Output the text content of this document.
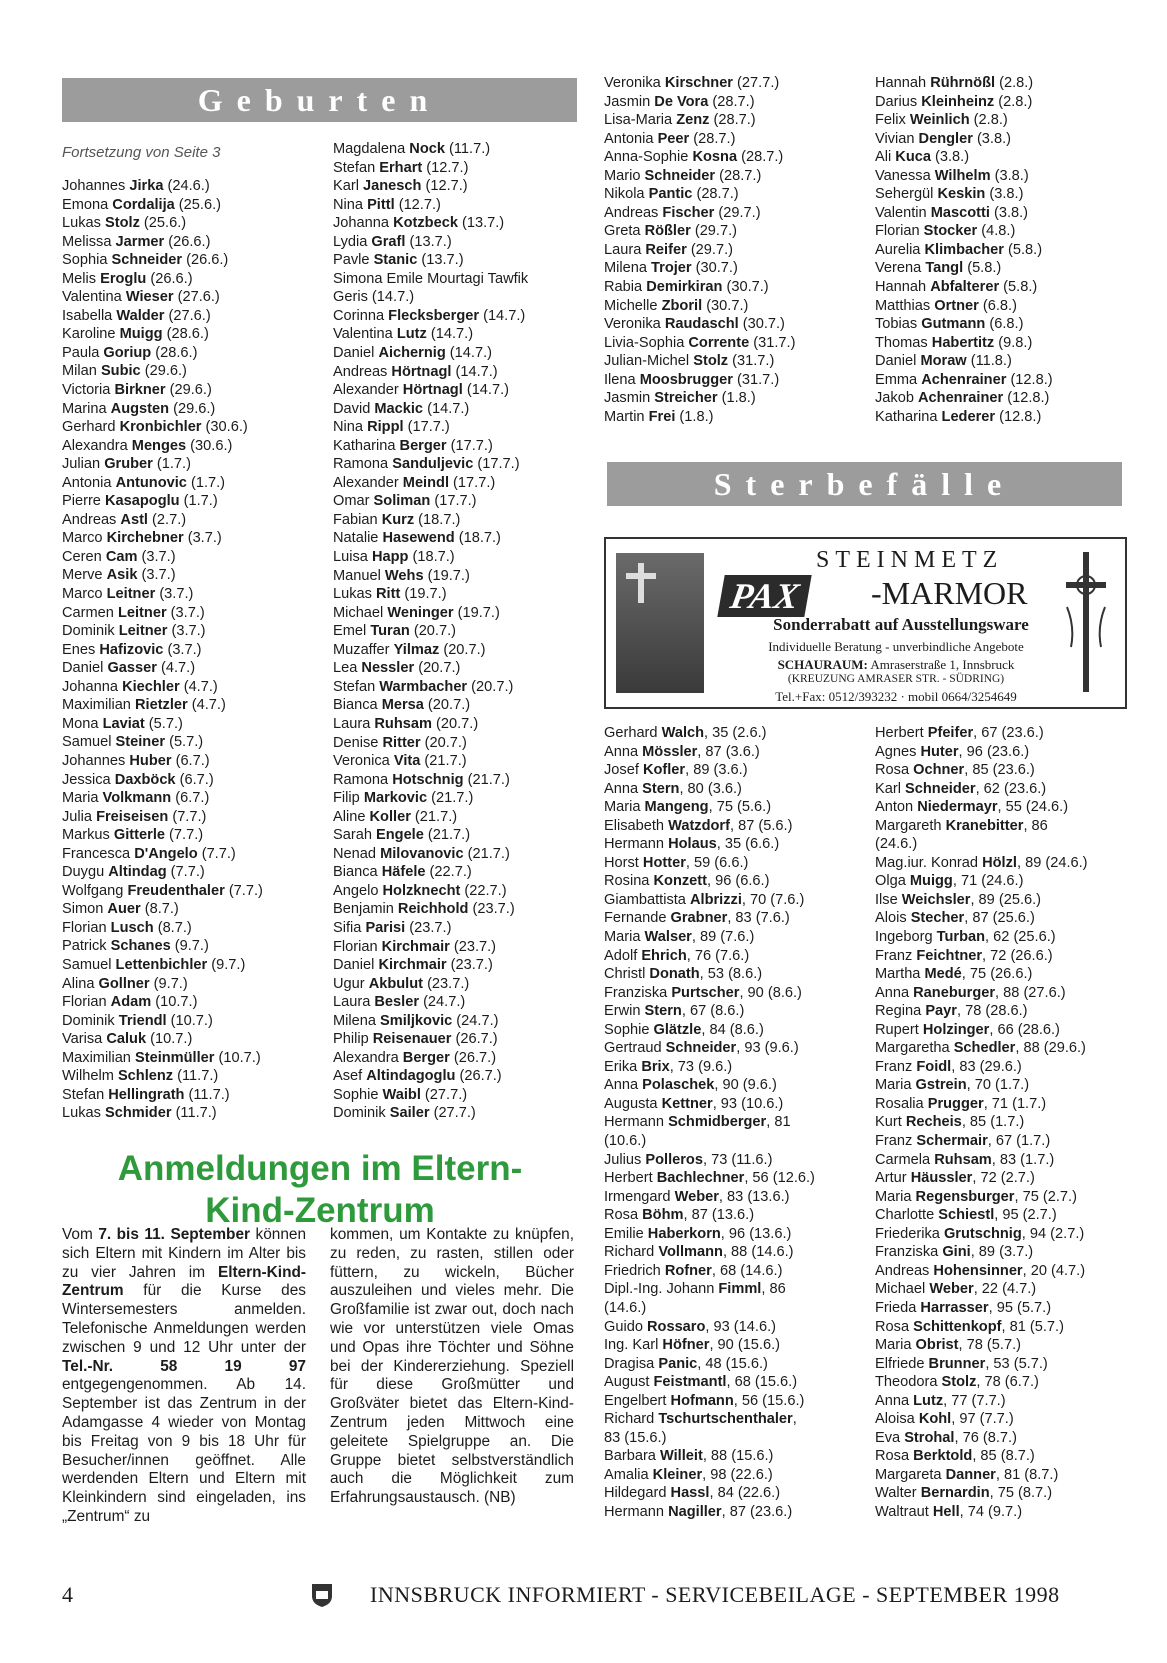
Geburten
Fortsetzung von Seite 3
Johannes Jirka (24.6.)
Emona Cordalija (25.6.)
Lukas Stolz (25.6.)
Melissa Jarmer (26.6.)
Sophia Schneider (26.6.)
Melis Eroglu (26.6.)
Valentina Wieser (27.6.)
Isabella Walder (27.6.)
Karoline Muigg (28.6.)
Paula Goriup (28.6.)
Milan Subic (29.6.)
Victoria Birkner (29.6.)
Marina Augsten (29.6.)
Gerhard Kronbichler (30.6.)
Alexandra Menges (30.6.)
Julian Gruber (1.7.)
Antonia Antunovic (1.7.)
Pierre Kasapoglu (1.7.)
Andreas Astl (2.7.)
Marco Kirchebner (3.7.)
Ceren Cam (3.7.)
Merve Asik (3.7.)
Marco Leitner (3.7.)
Carmen Leitner (3.7.)
Dominik Leitner (3.7.)
Enes Hafizovic (3.7.)
Daniel Gasser (4.7.)
Johanna Kiechler (4.7.)
Maximilian Rietzler (4.7.)
Mona Laviat (5.7.)
Samuel Steiner (5.7.)
Johannes Huber (6.7.)
Jessica Daxböck (6.7.)
Maria Volkmann (6.7.)
Julia Freiseisen (7.7.)
Markus Gitterle (7.7.)
Francesca D'Angelo (7.7.)
Duygu Altindag (7.7.)
Wolfgang Freudenthaler (7.7.)
Simon Auer (8.7.)
Florian Lusch (8.7.)
Patrick Schanes (9.7.)
Samuel Lettenbichler (9.7.)
Alina Gollner (9.7.)
Florian Adam (10.7.)
Dominik Triendl (10.7.)
Varisa Caluk (10.7.)
Maximilian Steinmüller (10.7.)
Wilhelm Schlenz (11.7.)
Stefan Hellingrath (11.7.)
Lukas Schmider (11.7.)
Magdalena Nock (11.7.)
Stefan Erhart (12.7.)
Karl Janesch (12.7.)
Nina Pittl (12.7.)
Johanna Kotzbeck (13.7.)
Lydia Grafl (13.7.)
Pavle Stanic (13.7.)
Simona Emile Mourtagi Tawfik
Geris (14.7.)
Corinna Flecksberger (14.7.)
Valentina Lutz (14.7.)
Daniel Aichernig (14.7.)
Andreas Hörtnagl (14.7.)
Alexander Hörtnagl (14.7.)
David Mackic (14.7.)
Nina Rippl (17.7.)
Katharina Berger (17.7.)
Ramona Sanduljevic (17.7.)
Alexander Meindl (17.7.)
Omar Soliman (17.7.)
Fabian Kurz (18.7.)
Natalie Hasewend (18.7.)
Luisa Happ (18.7.)
Manuel Wehs (19.7.)
Lukas Ritt (19.7.)
Michael Weninger (19.7.)
Emel Turan (20.7.)
Muzaffer Yilmaz (20.7.)
Lea Nessler (20.7.)
Stefan Warmbacher (20.7.)
Bianca Mersa (20.7.)
Laura Ruhsam (20.7.)
Denise Ritter (20.7.)
Veronica Vita (21.7.)
Ramona Hotschnig (21.7.)
Filip Markovic (21.7.)
Aline Koller (21.7.)
Sarah Engele (21.7.)
Nenad Milovanovic (21.7.)
Bianca Häfele (22.7.)
Angelo Holzknecht (22.7.)
Benjamin Reichhold (23.7.)
Sifia Parisi (23.7.)
Florian Kirchmair (23.7.)
Daniel Kirchmair (23.7.)
Ugur Akbulut (23.7.)
Laura Besler (24.7.)
Milena Smiljkovic (24.7.)
Philip Reisenauer (26.7.)
Alexandra Berger (26.7.)
Asef Altindagoglu (26.7.)
Sophie Waibl (27.7.)
Dominik Sailer (27.7.)
Veronika Kirschner (27.7.)
Jasmin De Vora (28.7.)
Lisa-Maria Zenz (28.7.)
Antonia Peer (28.7.)
Anna-Sophie Kosna (28.7.)
Mario Schneider (28.7.)
Nikola Pantic (28.7.)
Andreas Fischer (29.7.)
Greta Rößler (29.7.)
Laura Reifer (29.7.)
Milena Trojer (30.7.)
Rabia Demirkiran (30.7.)
Michelle Zboril (30.7.)
Veronika Raudaschl (30.7.)
Livia-Sophia Corrente (31.7.)
Julian-Michel Stolz (31.7.)
Ilena Moosbrugger (31.7.)
Jasmin Streicher (1.8.)
Martin Frei (1.8.)
Hannah Rührnößl (2.8.)
Darius Kleinheinz (2.8.)
Felix Weinlich (2.8.)
Vivian Dengler (3.8.)
Ali Kuca (3.8.)
Vanessa Wilhelm (3.8.)
Sehergül Keskin (3.8.)
Valentin Mascotti (3.8.)
Florian Stocker (4.8.)
Aurelia Klimbacher (5.8.)
Verena Tangl (5.8.)
Hannah Abfalterer (5.8.)
Matthias Ortner (6.8.)
Tobias Gutmann (6.8.)
Thomas Habertitz (9.8.)
Daniel Moraw (11.8.)
Emma Achenrainer (12.8.)
Jakob Achenrainer (12.8.)
Katharina Lederer (12.8.)
Sterbefälle
STEINMETZ
PAX	-MARMOR
Sonderrabatt auf Ausstellungsware
Individuelle Beratung - unverbindliche Angebote
SCHAURAUM: Amraserstraße 1, Innsbruck
(KREUZUNG AMRASER STR. - SÜDRING)
Tel.+Fax: 0512/393232 · mobil 0664/3254649
Gerhard Walch, 35 (2.6.)
Anna Mössler, 87 (3.6.)
Josef Kofler, 89 (3.6.)
Anna Stern, 80 (3.6.)
Maria Mangeng, 75 (5.6.)
Elisabeth Watzdorf, 87 (5.6.)
Hermann Holaus, 35 (6.6.)
Horst Hotter, 59 (6.6.)
Rosina Konzett, 96 (6.6.)
Giambattista Albrizzi, 70 (7.6.)
Fernande Grabner, 83 (7.6.)
Maria Walser, 89 (7.6.)
Adolf Ehrich, 76 (7.6.)
Christl Donath, 53 (8.6.)
Franziska Purtscher, 90 (8.6.)
Erwin Stern, 67 (8.6.)
Sophie Glätzle, 84 (8.6.)
Gertraud Schneider, 93 (9.6.)
Erika Brix, 73 (9.6.)
Anna Polaschek, 90 (9.6.)
Augusta Kettner, 93 (10.6.)
Hermann Schmidberger, 81
(10.6.)
Julius Polleros, 73 (11.6.)
Herbert Bachlechner, 56 (12.6.)
Irmengard Weber, 83 (13.6.)
Rosa Böhm, 87 (13.6.)
Emilie Haberkorn, 96 (13.6.)
Richard Vollmann, 88 (14.6.)
Friedrich Rofner, 68 (14.6.)
Dipl.-Ing. Johann Fimml, 86
(14.6.)
Guido Rossaro, 93 (14.6.)
Ing. Karl Höfner, 90 (15.6.)
Dragisa Panic, 48 (15.6.)
August Feistmantl, 68 (15.6.)
Engelbert Hofmann, 56 (15.6.)
Richard Tschurtschenthaler,
83 (15.6.)
Barbara Willeit, 88 (15.6.)
Amalia Kleiner, 98 (22.6.)
Hildegard Hassl, 84 (22.6.)
Hermann Nagiller, 87 (23.6.)
Herbert Pfeifer, 67 (23.6.)
Agnes Huter, 96 (23.6.)
Rosa Ochner, 85 (23.6.)
Karl Schneider, 62 (23.6.)
Anton Niedermayr, 55 (24.6.)
Margareth Kranebitter, 86
(24.6.)
Mag.iur. Konrad Hölzl, 89 (24.6.)
Olga Muigg, 71 (24.6.)
Ilse Weichsler, 89 (25.6.)
Alois Stecher, 87 (25.6.)
Ingeborg Turban, 62 (25.6.)
Franz Feichtner, 72 (26.6.)
Martha Medé, 75 (26.6.)
Anna Raneburger, 88 (27.6.)
Regina Payr, 78 (28.6.)
Rupert Holzinger, 66 (28.6.)
Margaretha Schedler, 88 (29.6.)
Franz Foidl, 83 (29.6.)
Maria Gstrein, 70 (1.7.)
Rosalia Prugger, 71 (1.7.)
Kurt Recheis, 85 (1.7.)
Franz Schermair, 67 (1.7.)
Carmela Ruhsam, 83 (1.7.)
Artur Häussler, 72 (2.7.)
Maria Regensburger, 75 (2.7.)
Charlotte Schiestl, 95 (2.7.)
Friederika Grutschnig, 94 (2.7.)
Franziska Gini, 89 (3.7.)
Andreas Hohensinner, 20 (4.7.)
Michael Weber, 22 (4.7.)
Frieda Harrasser, 95 (5.7.)
Rosa Schittenkopf, 81 (5.7.)
Maria Obrist, 78 (5.7.)
Elfriede Brunner, 53 (5.7.)
Theodora Stolz, 78 (6.7.)
Anna Lutz, 77 (7.7.)
Aloisa Kohl, 97 (7.7.)
Eva Strohal, 76 (8.7.)
Rosa Berktold, 85 (8.7.)
Margareta Danner, 81 (8.7.)
Walter Bernardin, 75 (8.7.)
Waltraut Hell, 74 (9.7.)
Anmeldungen im Eltern-
Kind-Zentrum
Vom 7. bis 11. September können sich Eltern mit Kindern im Alter bis zu vier Jahren im Eltern-Kind-Zentrum für die Kurse des Wintersemesters anmelden. Telefonische Anmeldungen werden zwischen 9 und 12 Uhr unter der Tel.-Nr. 58 19 97 entgegengenommen. Ab 14. September ist das Zentrum in der Adamgasse 4 wieder von Montag bis Freitag von 9 bis 18 Uhr für Besucher/innen geöffnet. Alle werdenden Eltern und Eltern mit Kleinkindern sind eingeladen, ins „Zentrum“ zu
kommen, um Kontakte zu knüpfen, zu reden, zu rasten, stillen oder füttern, zu wickeln, Bücher auszuleihen und vieles mehr. Die Großfamilie ist zwar out, doch nach wie vor unterstützen viele Omas und Opas ihre Töchter und Söhne bei der Kindererziehung. Speziell für diese Großmütter und Großväter bietet das Eltern-Kind-Zentrum jeden Mittwoch eine geleitete Spielgruppe an. Die Gruppe bietet selbstverständlich auch die Möglichkeit zum Erfahrungsaustausch. (NB)
4	INNSBRUCK INFORMIERT - SERVICEBEILAGE - SEPTEMBER 1998
